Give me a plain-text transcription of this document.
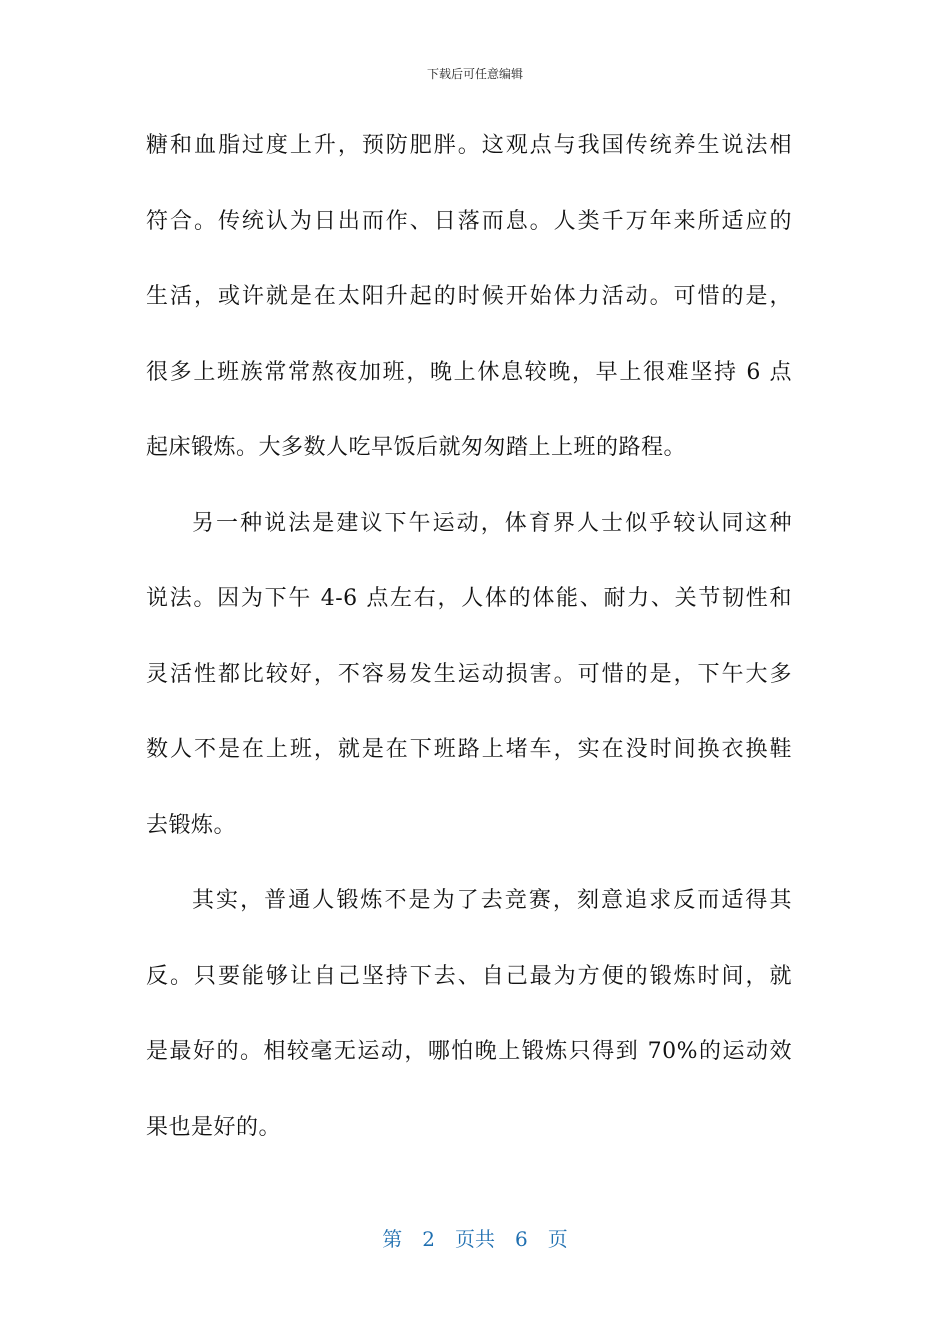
下载后可任意编辑
糖和血脂过度上升，预防肥胖。这观点与我国传统养生说法相
符合。传统认为日出而作、日落而息。人类千万年来所适应的
生活，或许就是在太阳升起的时候开始体力活动。可惜的是，
很多上班族常常熬夜加班，晚上休息较晚，早上很难坚持 6 点
起床锻炼。大多数人吃早饭后就匆匆踏上上班的路程。
另一种说法是建议下午运动，体育界人士似乎较认同这种
说法。因为下午 4-6 点左右，人体的体能、耐力、关节韧性和
灵活性都比较好，不容易发生运动损害。可惜的是，下午大多
数人不是在上班，就是在下班路上堵车，实在没时间换衣换鞋
去锻炼。
其实，普通人锻炼不是为了去竞赛，刻意追求反而适得其
反。只要能够让自己坚持下去、自己最为方便的锻炼时间，就
是最好的。相较毫无运动，哪怕晚上锻炼只得到 70%的运动效
果也是好的。
第 2 页共 6 页
